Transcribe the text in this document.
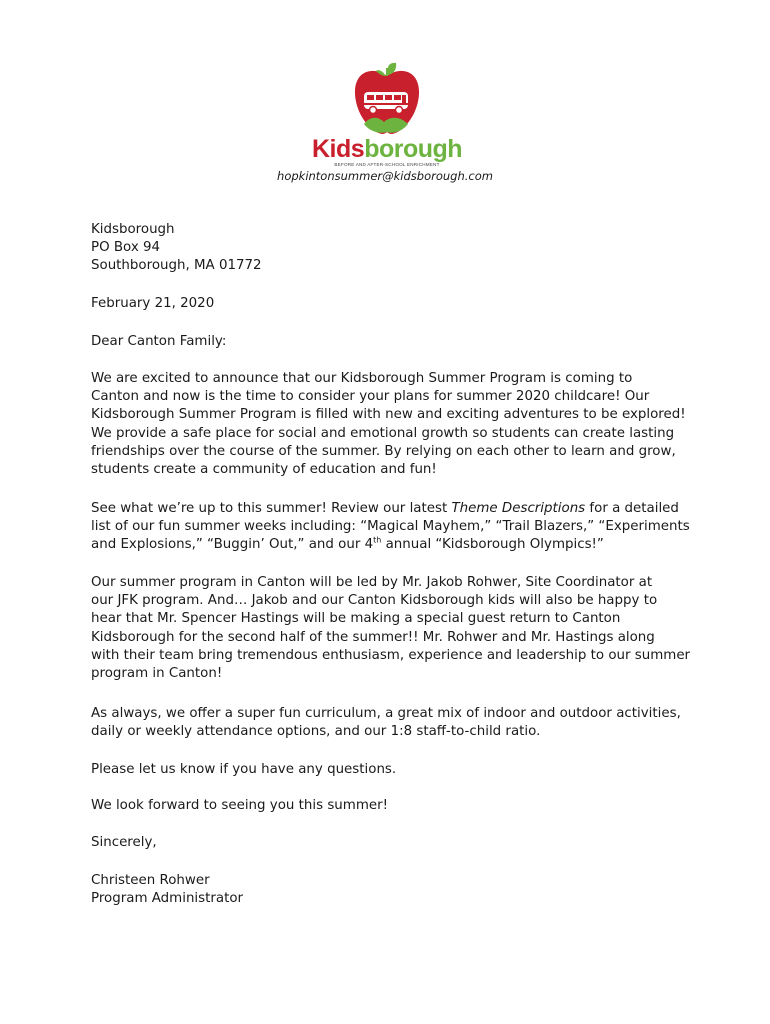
Kidsborough
BEFORE AND AFTER-SCHOOL ENRICHMENT
hopkintonsummer@kidsborough.com

Kidsborough

PO Box 94

Southborough, MA 01772

February 21, 2020

Dear Canton Family:

We are excited to announce that our Kidsborough Summer Program is coming to

Canton and now is the time to consider your plans for summer 2020 childcare! Our

Kidsborough Summer Program is filled with new and exciting adventures to be explored!

We provide a safe place for social and emotional growth so students can create lasting

friendships over the course of the summer. By relying on each other to learn and grow,

students create a community of education and fun!

See what we’re up to this summer! Review our latest Theme Descriptions for a detailed

list of our fun summer weeks including: “Magical Mayhem,” “Trail Blazers,” “Experiments

and Explosions,” “Buggin’ Out,” and our 4th annual “Kidsborough Olympics!”

Our summer program in Canton will be led by Mr. Jakob Rohwer, Site Coordinator at

our JFK program. And… Jakob and our Canton Kidsborough kids will also be happy to

hear that Mr. Spencer Hastings will be making a special guest return to Canton

Kidsborough for the second half of the summer!! Mr. Rohwer and Mr. Hastings along

with their team bring tremendous enthusiasm, experience and leadership to our summer

program in Canton!

As always, we offer a super fun curriculum, a great mix of indoor and outdoor activities,

daily or weekly attendance options, and our 1:8 staff-to-child ratio.

Please let us know if you have any questions.

We look forward to seeing you this summer!

Sincerely,

Christeen Rohwer

Program Administrator
